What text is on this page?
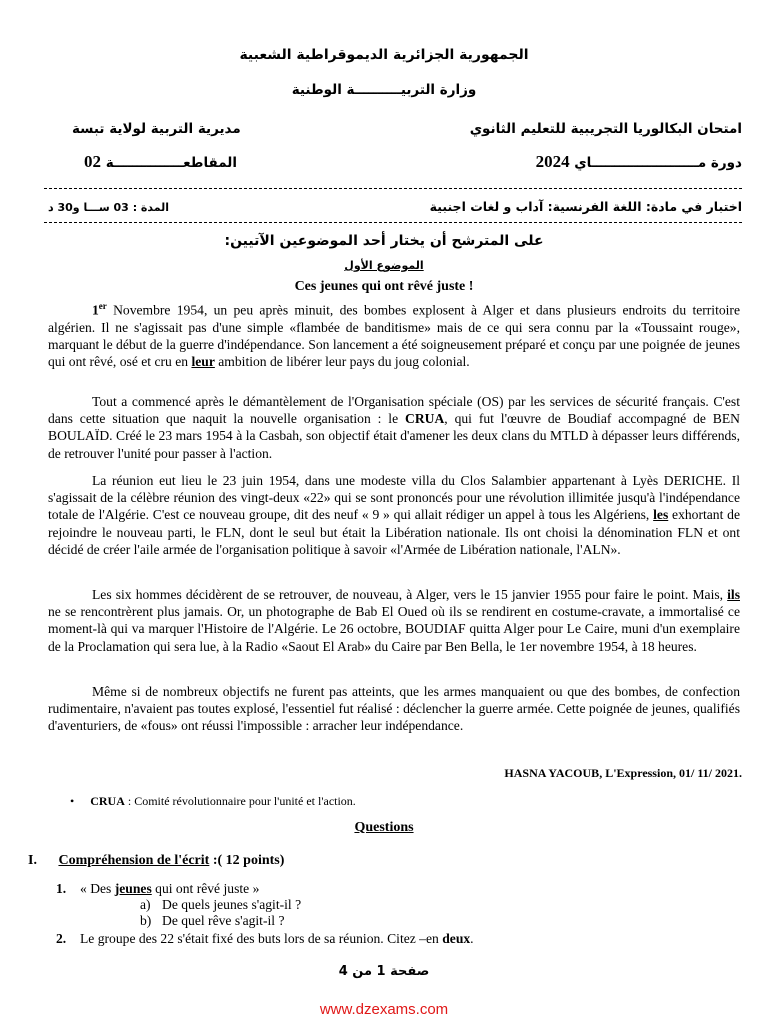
الجمهورية الجزائرية الديموقراطية الشعبية
وزارة التربيــــــــــة الوطنية
امتحان البكالوريا التجريبية للتعليم الثانوي
مديرية التربية لولاية تبسة
دورة مـــــــــــــــــــــــاي 2024
المقاطعـــــــــــــــة 02
اختبار في مادة: اللغة الفرنسية: آداب و لغات اجنبية
المدة : 03 ســـا و30 د
على المترشح أن يختار أحد الموضوعين الآتيين:
الموضوع الأول
Ces jeunes qui ont rêvé juste !

1er Novembre 1954, un peu après minuit, des bombes explosent à Alger et dans plusieurs endroits du territoire algérien. Il ne s'agissait pas d'une simple «flambée de banditisme» mais de ce qui sera connu par la «Toussaint rouge», marquant le début de la guerre d'indépendance. Son lancement a été soigneusement préparé et conçu par une poignée de jeunes qui ont rêvé, osé et cru en leur ambition de libérer leur pays du joug colonial.

Tout a commencé après le démantèlement de l'Organisation spéciale (OS) par les services de sécurité français. C'est dans cette situation que naquit la nouvelle organisation : le CRUA, qui fut l'œuvre de Boudiaf accompagné de BEN BOULAÏD. Créé le 23 mars 1954 à la Casbah, son objectif était d'amener les deux clans du MTLD à dépasser leurs différends, de retrouver l'unité pour passer à l'action.

La réunion eut lieu le 23 juin 1954, dans une modeste villa du Clos Salambier appartenant à Lyès DERICHE. Il s'agissait de la célèbre réunion des vingt-deux «22» qui se sont prononcés pour une révolution illimitée jusqu'à l'indépendance totale de l'Algérie. C'est ce nouveau groupe, dit des neuf « 9 » qui allait rédiger un appel à tous les Algériens, les exhortant de rejoindre le nouveau parti, le FLN, dont le seul but était la Libération nationale. Ils ont choisi la dénomination FLN et ont décidé de créer l'aile armée de l'organisation politique à savoir «l'Armée de Libération nationale, l'ALN».

Les six hommes décidèrent de se retrouver, de nouveau, à Alger, vers le 15 janvier 1955 pour faire le point. Mais, ils ne se rencontrèrent plus jamais. Or, un photographe de Bab El Oued où ils se rendirent en costume-cravate, a immortalisé ce moment-là qui va marquer l'Histoire de l'Algérie. Le 26 octobre, BOUDIAF quitta Alger pour Le Caire, muni d'un exemplaire de la Proclamation qui sera lue, à la Radio «Saout El Arab» du Caire par Ben Bella, le 1er novembre 1954, à 18 heures.

Même si de nombreux objectifs ne furent pas atteints, que les armes manquaient ou que des bombes, de confection rudimentaire, n'avaient pas toutes explosé, l'essentiel fut réalisé : déclencher la guerre armée. Cette poignée de jeunes, qualifiés d'aventuriers, de «fous» ont réussi l'impossible : arracher leur indépendance.

HASNA YACOUB, L'Expression, 01/ 11/ 2021.
• CRUA : Comité révolutionnaire pour l'unité et l'action.
Questions
I. Compréhension de l'écrit :( 12 points)
1. « Des jeunes qui ont rêvé juste »
a) De quels jeunes s'agit-il ?
b) De quel rêve s'agit-il ?
2. Le groupe des 22 s'était fixé des buts lors de sa réunion. Citez –en deux.
صفحة 1 من 4
www.dzexams.com
